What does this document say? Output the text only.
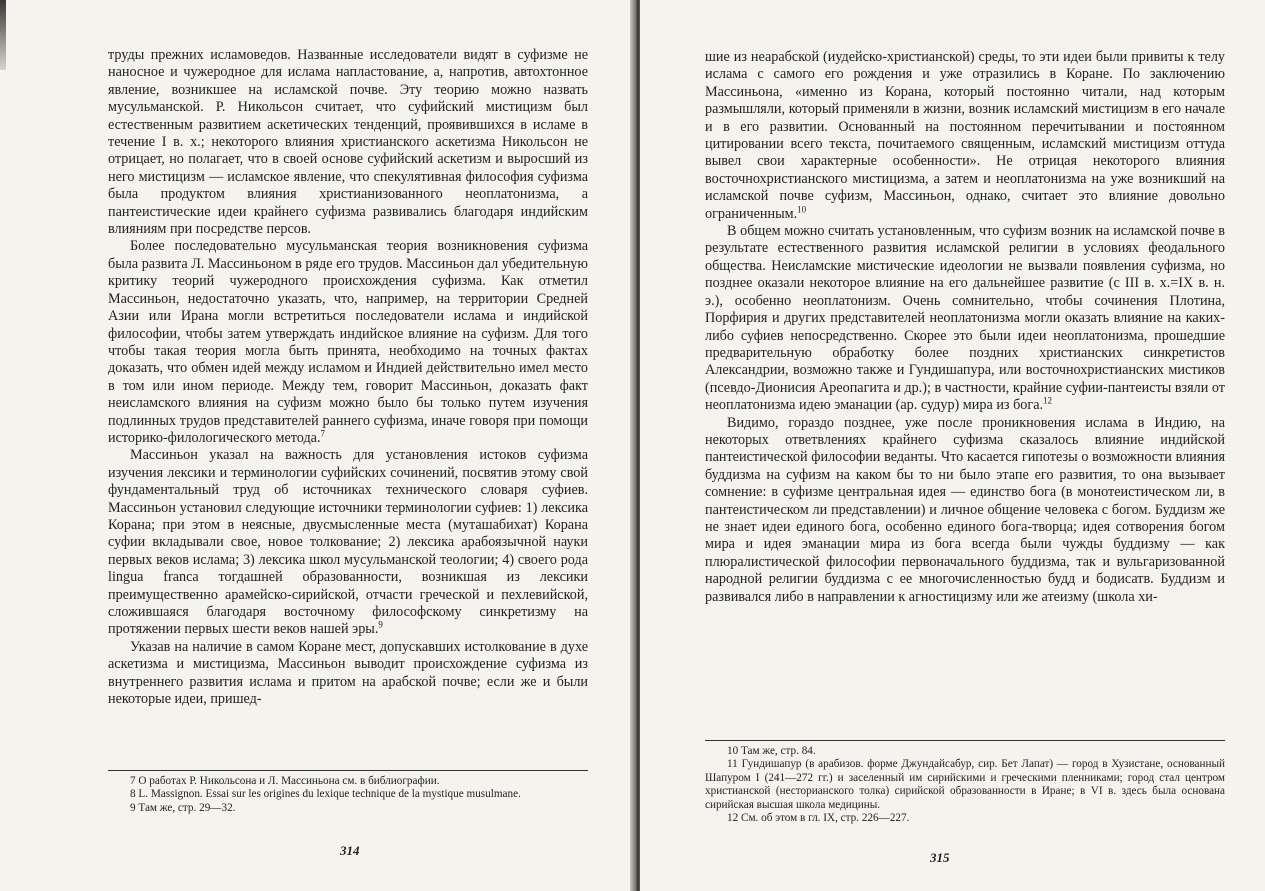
труды прежних исламоведов. Названные исследователи видят в суфизме не наносное и чужеродное для ислама напластование, а, напротив, автохтонное явление, возникшее на исламской почве. Эту теорию можно назвать мусульманской. Р. Никольсон считает, что суфийский мистицизм был естественным развитием аскетических тенденций, проявившихся в исламе в течение I в. х.; некоторого влияния христианского аскетизма Никольсон не отрицает, но полагает, что в своей основе суфийский аскетизм и выросший из него мистицизм — исламское явление, что спекулятивная философия суфизма была продуктом влияния христианизованного неоплатонизма, а пантеистические идеи крайнего суфизма развивались благодаря индийским влияниям при посредстве персов.

Более последовательно мусульманская теория возникновения суфизма была развита Л. Массиньоном в ряде его трудов. Массиньон дал убедительную критику теорий чужеродного происхождения суфизма. Как отметил Массиньон, недостаточно указать, что, например, на территории Средней Азии или Ирана могли встретиться последователи ислама и индийской философии, чтобы затем утверждать индийское влияние на суфизм. Для того чтобы такая теория могла быть принята, необходимо на точных фактах доказать, что обмен идей между исламом и Индией действительно имел место в том или ином периоде. Между тем, говорит Массиньон, доказать факт неисламского влияния на суфизм можно было бы только путем изучения подлинных трудов представителей раннего суфизма, иначе говоря при помощи историко-филологического метода.$^7$

Массиньон указал на важность для установления истоков суфизма изучения лексики и терминологии суфийских сочинений, посвятив этому свой фундаментальный труд об источниках технического словаря суфиев. Массиньон установил следующие источники терминологии суфиев: 1) лексика Корана; при этом в неясные, двусмысленные места (муташабихат) Корана суфии вкладывали свое, новое толкование; 2) лексика арабоязычной науки первых веков ислама; 3) лексика школ мусульманской теологии; 4) своего рода lingua franca тогдашней образованности, возникшая из лексики преимущественно арамейско-сирийской, отчасти греческой и пехлевийской, сложившаяся благодаря восточному философскому синкретизму на протяжении первых шести веков нашей эры.$^9$

Указав на наличие в самом Коране мест, допускавших истолкование в духе аскетизма и мистицизма, Массиньон выводит происхождение суфизма из внутреннего развития ислама и притом на арабской почве; если же и были некоторые идеи, пришед-

7 О работах Р. Никольсона и Л. Массиньона см. в библиографии.

8 L. Massignon. Essai sur les origines du lexique technique de la mystique musulmane.

9 Там же, стр. 29—32.

314

шие из неарабской (иудейско-христианской) среды, то эти идеи были привиты к телу ислама с самого его рождения и уже отразились в Коране. По заключению Массиньона, «именно из Корана, который постоянно читали, над которым размышляли, который применяли в жизни, возник исламский мистицизм в его начале и в его развитии. Основанный на постоянном перечитывании и постоянном цитировании всего текста, почитаемого священным, исламский мистицизм оттуда вывел свои характерные особенности». Не отрицая некоторого влияния восточнохристианского мистицизма, а затем и неоплатонизма на уже возникший на исламской почве суфизм, Массиньон, однако, считает это влияние довольно ограниченным.$^{10}$

В общем можно считать установленным, что суфизм возник на исламской почве в результате естественного развития исламской религии в условиях феодального общества. Неисламские мистические идеологии не вызвали появления суфизма, но позднее оказали некоторое влияние на его дальнейшее развитие (с III в. х.=IX в. н. э.), особенно неоплатонизм. Очень сомнительно, чтобы сочинения Плотина, Порфирия и других представителей неоплатонизма могли оказать влияние на каких-либо суфиев непосредственно. Скорее это были идеи неоплатонизма, прошедшие предварительную обработку более поздних христианских синкретистов Александрии, возможно также и Гундишапура, или восточнохристианских мистиков (псевдо-Дионисия Ареопагита и др.); в частности, крайние суфии-пантеисты взяли от неоплатонизма идею эманации (ар. судур) мира из бога.$^{12}$

Видимо, гораздо позднее, уже после проникновения ислама в Индию, на некоторых ответвлениях крайнего суфизма сказалось влияние индийской пантеистической философии веданты. Что касается гипотезы о возможности влияния буддизма на суфизм на каком бы то ни было этапе его развития, то она вызывает сомнение: в суфизме центральная идея — единство бога (в монотеистическом ли, в пантеистическом ли представлении) и личное общение человека с богом. Буддизм же не знает идеи единого бога, особенно единого бога-творца; идея сотворения богом мира и идея эманации мира из бога всегда были чужды буддизму — как плюралистической философии первоначального буддизма, так и вульгаризованной народной религии буддизма с ее многочисленностью будд и бодисатв. Буддизм и развивался либо в направлении к агностицизму или же атеизму (школа хи-

10 Там же, стр. 84.

11 Гундишапур (в арабизов. форме Джундайсабур, сир. Бет Лапат) — город в Хузистане, основанный Шапуром I (241—272 гг.) и заселенный им сирийскими и греческими пленниками; город стал центром христианской (несторианского толка) сирийской образованности в Иране; в VI в. здесь была основана сирийская высшая школа медицины.

12 См. об этом в гл. IX, стр. 226—227.

315
